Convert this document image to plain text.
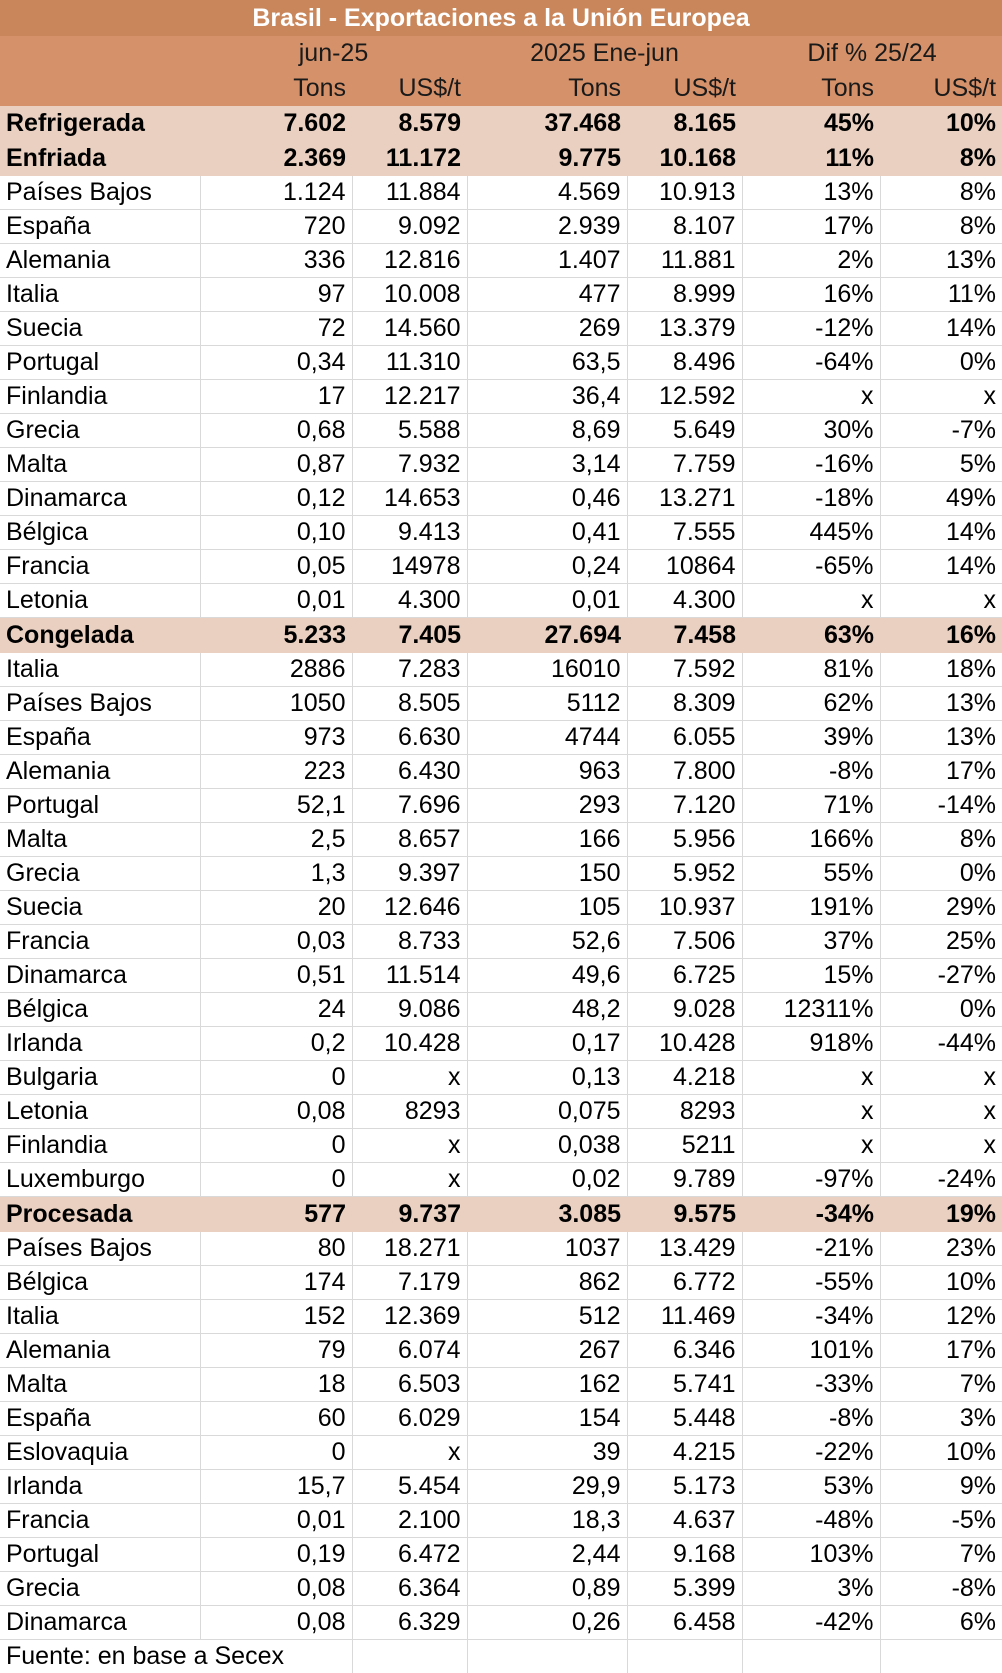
Brasil - Exportaciones a la Unión Europea						
	jun-25		2025 Ene-jun		Dif % 25/24	
	Tons	US$/t	Tons	US$/t	Tons	US$/t
Refrigerada	7.602	8.579	37.468	8.165	45%	10%
Enfriada	2.369	11.172	9.775	10.168	11%	8%
Países Bajos	1.124	11.884	4.569	10.913	13%	8%
España	720	9.092	2.939	8.107	17%	8%
Alemania	336	12.816	1.407	11.881	2%	13%
Italia	97	10.008	477	8.999	16%	11%
Suecia	72	14.560	269	13.379	-12%	14%
Portugal	0,34	11.310	63,5	8.496	-64%	0%
Finlandia	17	12.217	36,4	12.592	x	x
Grecia	0,68	5.588	8,69	5.649	30%	-7%
Malta	0,87	7.932	3,14	7.759	-16%	5%
Dinamarca	0,12	14.653	0,46	13.271	-18%	49%
Bélgica	0,10	9.413	0,41	7.555	445%	14%
Francia	0,05	14978	0,24	10864	-65%	14%
Letonia	0,01	4.300	0,01	4.300	x	x
Congelada	5.233	7.405	27.694	7.458	63%	16%
Italia	2886	7.283	16010	7.592	81%	18%
Países Bajos	1050	8.505	5112	8.309	62%	13%
España	973	6.630	4744	6.055	39%	13%
Alemania	223	6.430	963	7.800	-8%	17%
Portugal	52,1	7.696	293	7.120	71%	-14%
Malta	2,5	8.657	166	5.956	166%	8%
Grecia	1,3	9.397	150	5.952	55%	0%
Suecia	20	12.646	105	10.937	191%	29%
Francia	0,03	8.733	52,6	7.506	37%	25%
Dinamarca	0,51	11.514	49,6	6.725	15%	-27%
Bélgica	24	9.086	48,2	9.028	12311%	0%
Irlanda	0,2	10.428	0,17	10.428	918%	-44%
Bulgaria	0	x	0,13	4.218	x	x
Letonia	0,08	8293	0,075	8293	x	x
Finlandia	0	x	0,038	5211	x	x
Luxemburgo	0	x	0,02	9.789	-97%	-24%
Procesada	577	9.737	3.085	9.575	-34%	19%
Países Bajos	80	18.271	1037	13.429	-21%	23%
Bélgica	174	7.179	862	6.772	-55%	10%
Italia	152	12.369	512	11.469	-34%	12%
Alemania	79	6.074	267	6.346	101%	17%
Malta	18	6.503	162	5.741	-33%	7%
España	60	6.029	154	5.448	-8%	3%
Eslovaquia	0	x	39	4.215	-22%	10%
Irlanda	15,7	5.454	29,9	5.173	53%	9%
Francia	0,01	2.100	18,3	4.637	-48%	-5%
Portugal	0,19	6.472	2,44	9.168	103%	7%
Grecia	0,08	6.364	0,89	5.399	3%	-8%
Dinamarca	0,08	6.329	0,26	6.458	-42%	6%
Fuente: en base a Secex						
